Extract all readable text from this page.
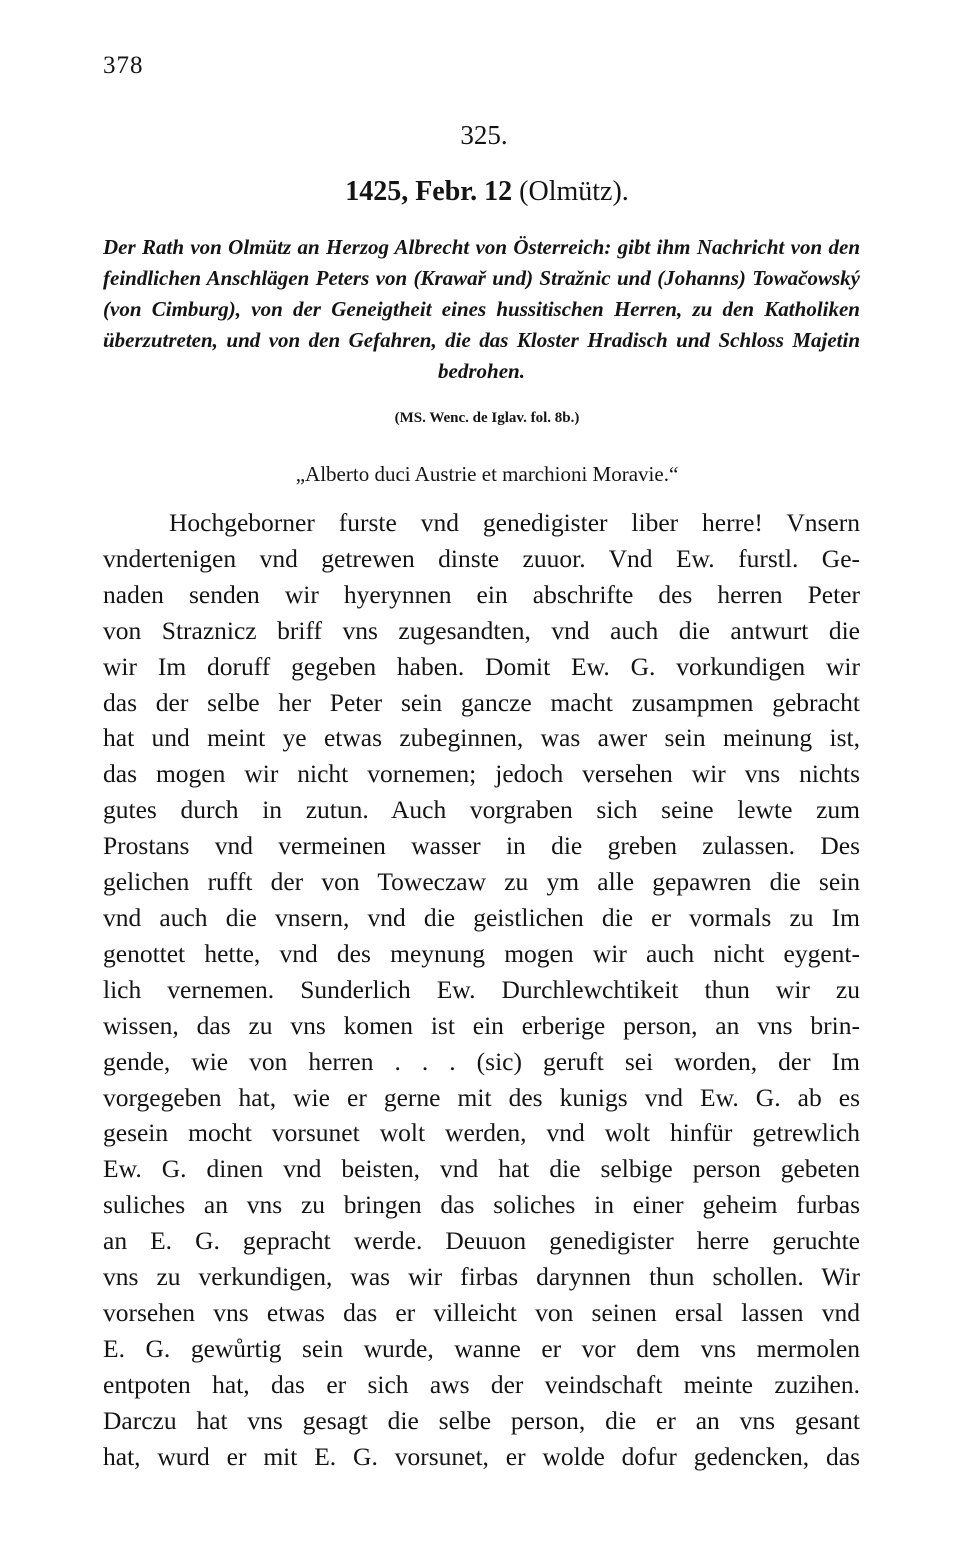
378
325.
1425, Febr. 12 (Olmütz).
Der Rath von Olmütz an Herzog Albrecht von Österreich: gibt ihm Nachricht von den feindlichen Anschlägen Peters von (Krawař und) Stražnic und (Johanns) Towačowský (von Cimburg), von der Geneigtheit eines hussitischen Herren, zu den Katholiken überzutreten, und von den Gefahren, die das Kloster Hradisch und Schloss Majetin bedrohen.
(MS. Wenc. de Iglav. fol. 8b.)
„Alberto duci Austrie et marchioni Moravie.“
Hochgeborner furste vnd genedigister liber herre! Vnsern
vndertenigen vnd getrewen dinste zuuor. Vnd Ew. furstl. Ge-
naden senden wir hyerynnen ein abschrifte des herren Peter
von Straznicz briff vns zugesandten, vnd auch die antwurt die
wir Im doruff gegeben haben. Domit Ew. G. vorkundigen wir
das der selbe her Peter sein gancze macht zusampmen gebracht
hat und meint ye etwas zubeginnen, was awer sein meinung ist,
das mogen wir nicht vornemen; jedoch versehen wir vns nichts
gutes durch in zutun. Auch vorgraben sich seine lewte zum
Prostans vnd vermeinen wasser in die greben zulassen. Des
gelichen rufft der von Toweczaw zu ym alle gepawren die sein
vnd auch die vnsern, vnd die geistlichen die er vormals zu Im
genottet hette, vnd des meynung mogen wir auch nicht eygent-
lich vernemen. Sunderlich Ew. Durchlewchtikeit thun wir zu
wissen, das zu vns komen ist ein erberige person, an vns brin-
gende, wie von herren . . . (sic) geruft sei worden, der Im
vorgegeben hat, wie er gerne mit des kunigs vnd Ew. G. ab es
gesein mocht vorsunet wolt werden, vnd wolt hinfür getrewlich
Ew. G. dinen vnd beisten, vnd hat die selbige person gebeten
suliches an vns zu bringen das soliches in einer geheim furbas
an E. G. gepracht werde. Deuuon genedigister herre geruchte
vns zu verkundigen, was wir firbas darynnen thun schollen. Wir
vorsehen vns etwas das er villeicht von seinen ersal lassen vnd
E. G. gewůrtig sein wurde, wanne er vor dem vns mermolen
entpoten hat, das er sich aws der veindschaft meinte zuzihen.
Darczu hat vns gesagt die selbe person, die er an vns gesant
hat, wurd er mit E. G. vorsunet, er wolde dofur gedencken, das
